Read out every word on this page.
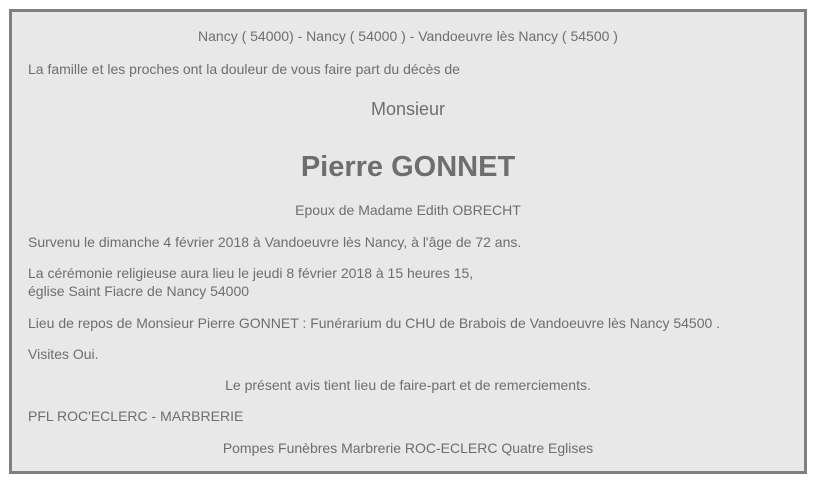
Nancy ( 54000) - Nancy ( 54000 ) - Vandoeuvre lès Nancy ( 54500 )
La famille et les proches ont la douleur de vous faire part du décès de
Monsieur
Pierre GONNET
Epoux de Madame Edith OBRECHT
Survenu le dimanche 4 février 2018 à Vandoeuvre lès Nancy, à l'âge de 72 ans.
La cérémonie religieuse aura lieu le jeudi 8 février 2018 à 15 heures 15,
église Saint Fiacre de Nancy 54000
Lieu de repos de Monsieur Pierre GONNET : Funérarium du CHU de Brabois de Vandoeuvre lès Nancy 54500 .
Visites Oui.
Le présent avis tient lieu de faire-part et de remerciements.
PFL ROC'ECLERC - MARBRERIE
Pompes Funèbres Marbrerie ROC-ECLERC Quatre Eglises
